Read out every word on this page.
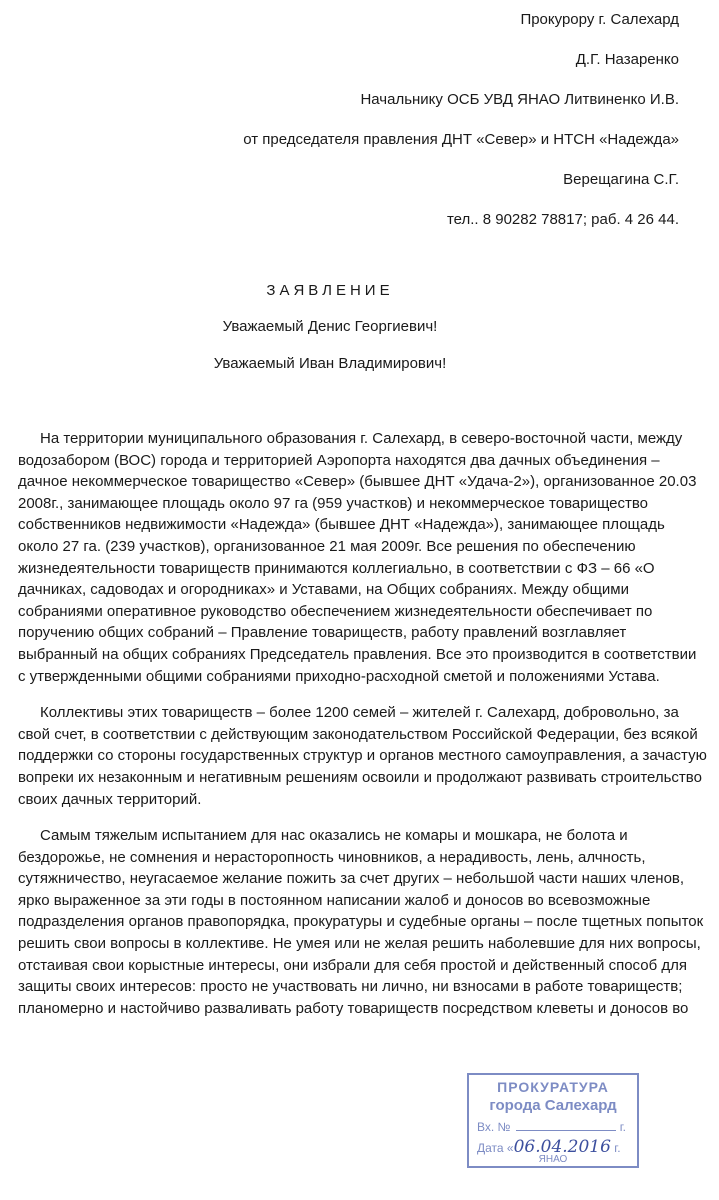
Прокурору г. Салехард
Д.Г. Назаренко
Начальнику ОСБ УВД ЯНАО Литвиненко И.В.
от председателя правления ДНТ «Север» и НТСН «Надежда»
Верещагина С.Г.
тел.. 8 90282 78817; раб. 4 26 44.
ЗАЯВЛЕНИЕ
Уважаемый Денис Георгиевич!
Уважаемый Иван Владимирович!

На территории муниципального образования г. Салехард, в северо-восточной части, между водозабором (ВОС) города и территорией Аэропорта находятся два дачных объединения – дачное некоммерческое товарищество «Север» (бывшее ДНТ «Удача-2»), организованное 20.03 2008г., занимающее площадь около 97 га (959 участков) и некоммерческое товарищество собственников недвижимости «Надежда» (бывшее ДНТ «Надежда»), занимающее площадь около 27 га. (239 участков), организованное 21 мая 2009г. Все решения по обеспечению жизнедеятельности товариществ принимаются коллегиально, в соответствии с ФЗ – 66 «О дачниках, садоводах и огородниках» и Уставами, на Общих собраниях. Между общими собраниями оперативное руководство обеспечением жизнедеятельности обеспечивает по поручению общих собраний – Правление товариществ, работу правлений возглавляет выбранный на общих собраниях Председатель правления. Все это производится в соответствии с утвержденными общими собраниями приходно-расходной сметой и положениями Устава.

Коллективы этих товариществ – более 1200 семей – жителей г. Салехард, добровольно, за свой счет, в соответствии с действующим законодательством Российской Федерации, без всякой поддержки со стороны государственных структур и органов местного самоуправления, а зачастую вопреки их незаконным и негативным решениям освоили и продолжают развивать строительство своих дачных территорий.

Самым тяжелым испытанием для нас оказались не комары и мошкара, не болота и бездорожье, не сомнения и нерасторопность чиновников, а нерадивость, лень, алчность, сутяжничество, неугасаемое желание пожить за счет других – небольшой части наших членов, ярко выраженное за эти годы в постоянном написании жалоб и доносов во всевозможные подразделения органов правопорядка, прокуратуры и судебные органы – после тщетных попыток решить свои вопросы в коллективе. Не умея или не желая решить наболевшие для них вопросы, отстаивая свои корыстные интересы, они избрали для себя простой и действенный способ для защиты своих интересов: просто не участвовать ни лично, ни взносами в работе товариществ; планомерно и настойчиво разваливать работу товариществ посредством клеветы и доносов во

ПРОКУРАТУРА
города Салехард
Вх. №	г.
Дата «06.04.2016 г.
ЯНАО
